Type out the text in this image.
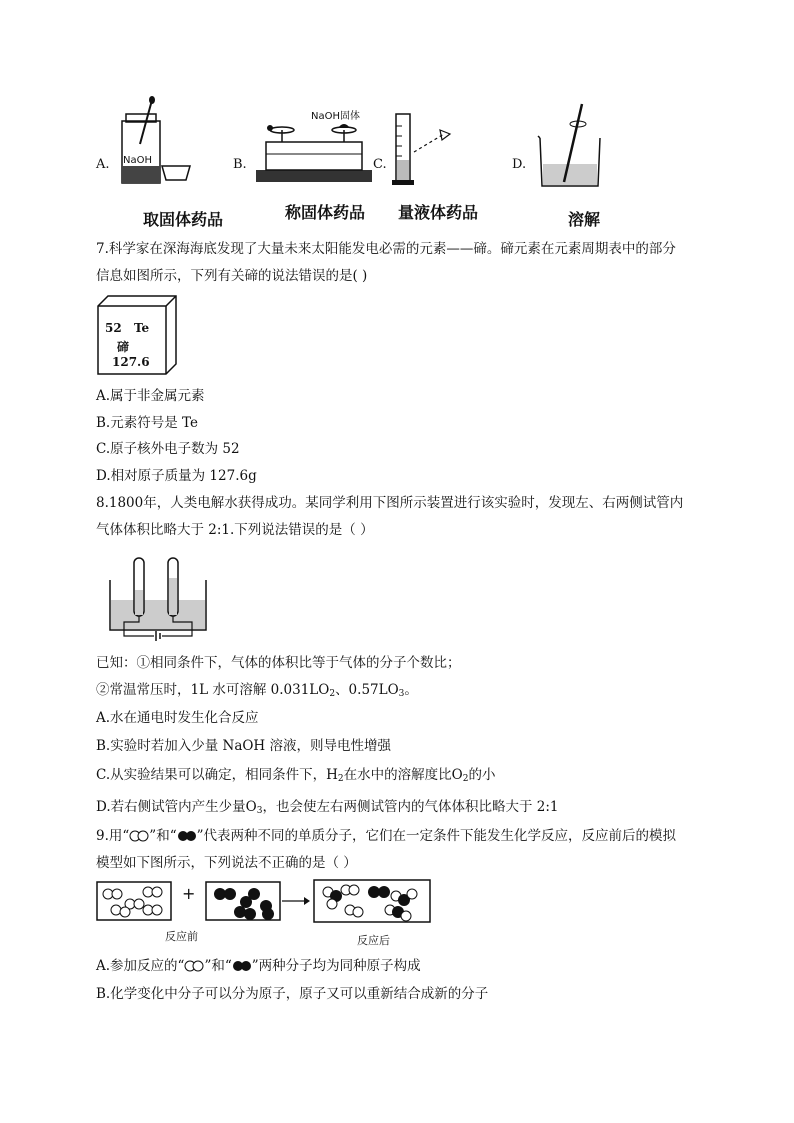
A. NaOH
取固体药品
B.
NaOH固体
称固体药品
C.
量液体药品
D.
溶解
7.科学家在深海海底发现了大量未来太阳能发电必需的元素——碲。碲元素在元素周期表中的部分
信息如图所示，下列有关碲的说法错误的是( )
52 Te
碲
127.6
A.属于非金属元素
B.元素符号是 Te
C.原子核外电子数为 52
D.相对原子质量为 127.6g
8.1800年，人类电解水获得成功。某同学利用下图所示装置进行该实验时，发现左、右两侧试管内
气体体积比略大于 2:1.下列说法错误的是（ ）
已知：①相同条件下，气体的体积比等于气体的分子个数比；
②常温常压时，1L 水可溶解 $0.031LO_2$、$0.57LO_3$。
A.水在通电时发生化合反应
B.实验时若加入少量 NaOH 溶液，则导电性增强
C.从实验结果可以确定，相同条件下，$H_2$在水中的溶解度比$O_2$的小
D.若右侧试管内产生少量$O_3$，也会使左右两侧试管内的气体体积比略大于 2:1
9.用“ ”和“ ”代表两种不同的单质分子，它们在一定条件下能发生化学反应，反应前后的模拟
模型如下图所示，下列说法不正确的是（ ）
+
反应前	反应后
A.参加反应的“ ”和“ ”两种分子均为同种原子构成
B.化学变化中分子可以分为原子，原子又可以重新结合成新的分子
